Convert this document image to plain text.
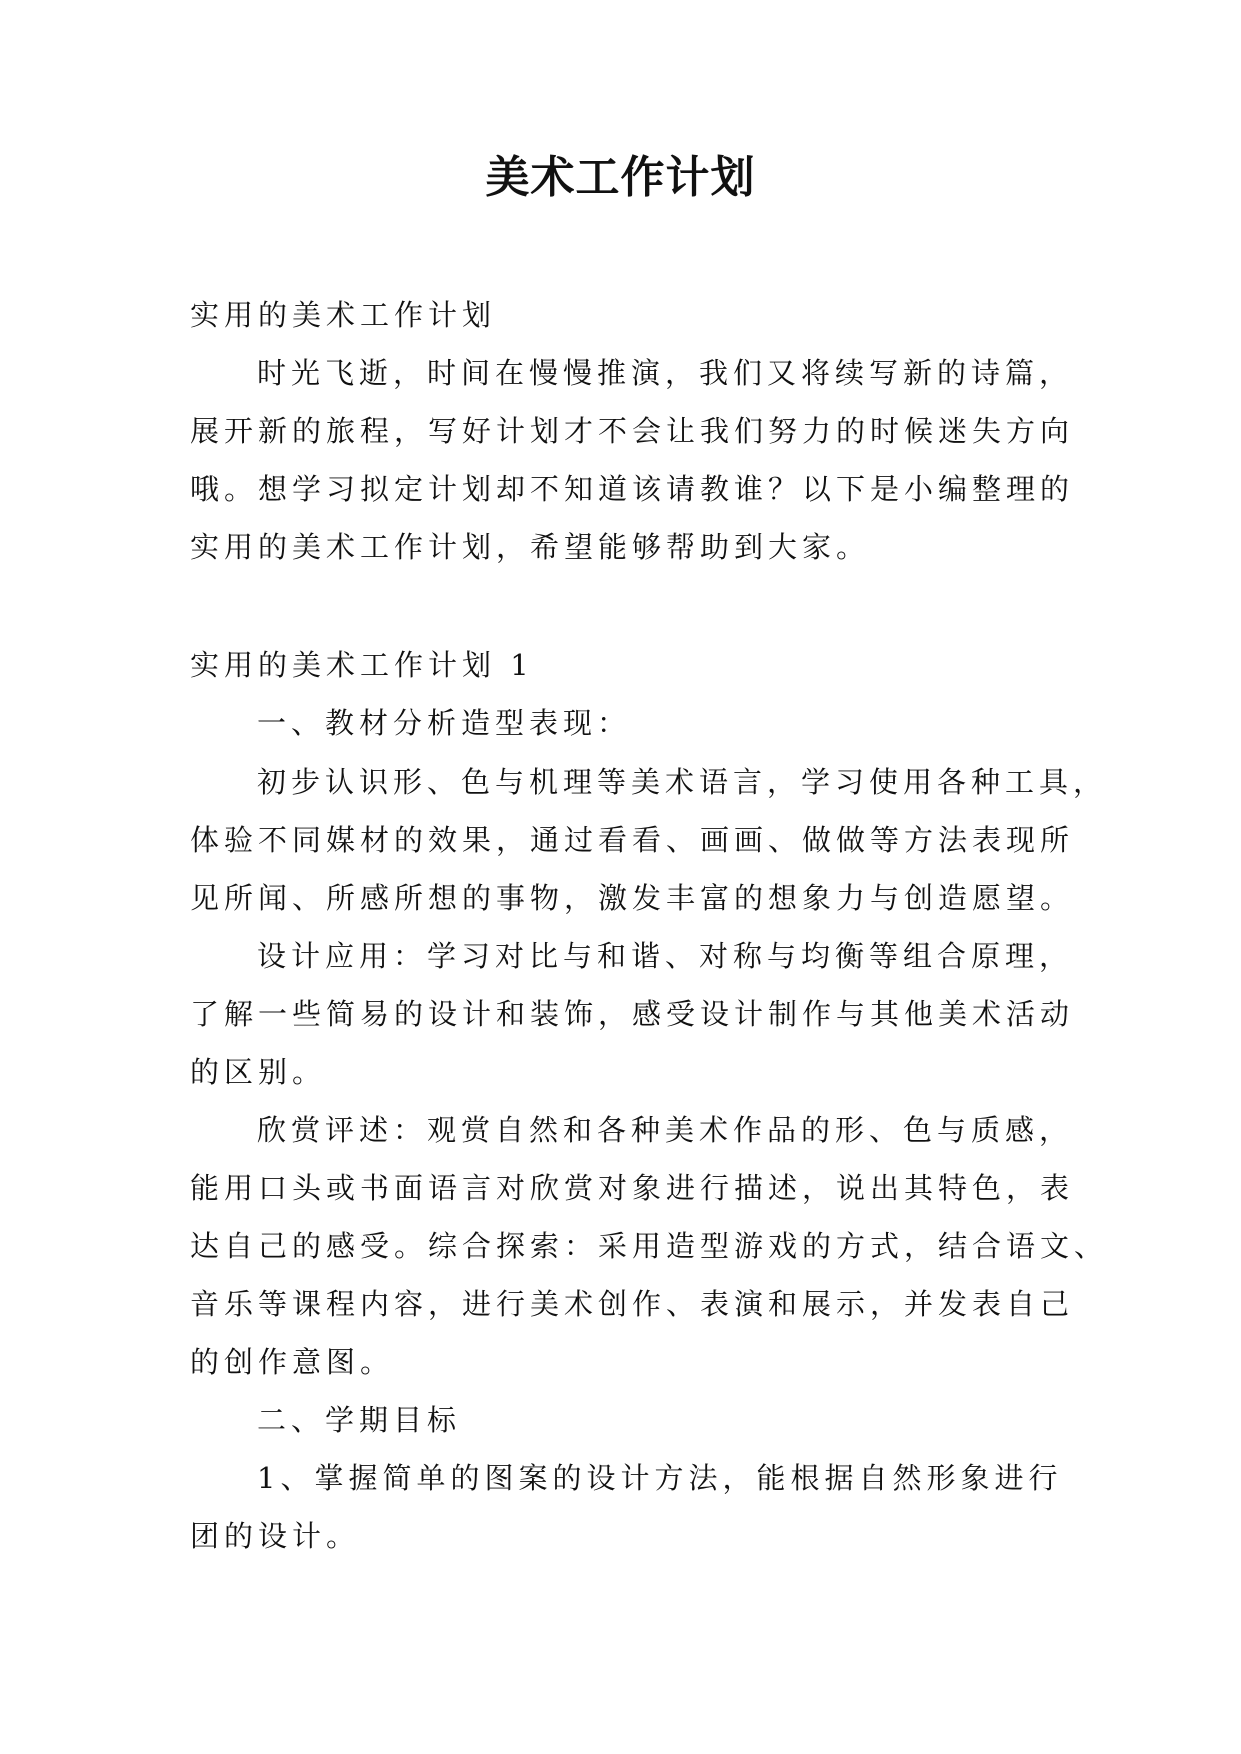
美术工作计划
实用的美术工作计划
时光飞逝，时间在慢慢推演，我们又将续写新的诗篇，
展开新的旅程，写好计划才不会让我们努力的时候迷失方向
哦。想学习拟定计划却不知道该请教谁？以下是小编整理的
实用的美术工作计划，希望能够帮助到大家。
实用的美术工作计划 1
一、教材分析造型表现：
初步认识形、色与机理等美术语言，学习使用各种工具，
体验不同媒材的效果，通过看看、画画、做做等方法表现所
见所闻、所感所想的事物，激发丰富的想象力与创造愿望。
设计应用：学习对比与和谐、对称与均衡等组合原理，
了解一些简易的设计和装饰，感受设计制作与其他美术活动
的区别。
欣赏评述：观赏自然和各种美术作品的形、色与质感，
能用口头或书面语言对欣赏对象进行描述，说出其特色，表
达自己的感受。综合探索：采用造型游戏的方式，结合语文、
音乐等课程内容，进行美术创作、表演和展示，并发表自己
的创作意图。
二、学期目标
1、掌握简单的图案的设计方法，能根据自然形象进行
团的设计。
